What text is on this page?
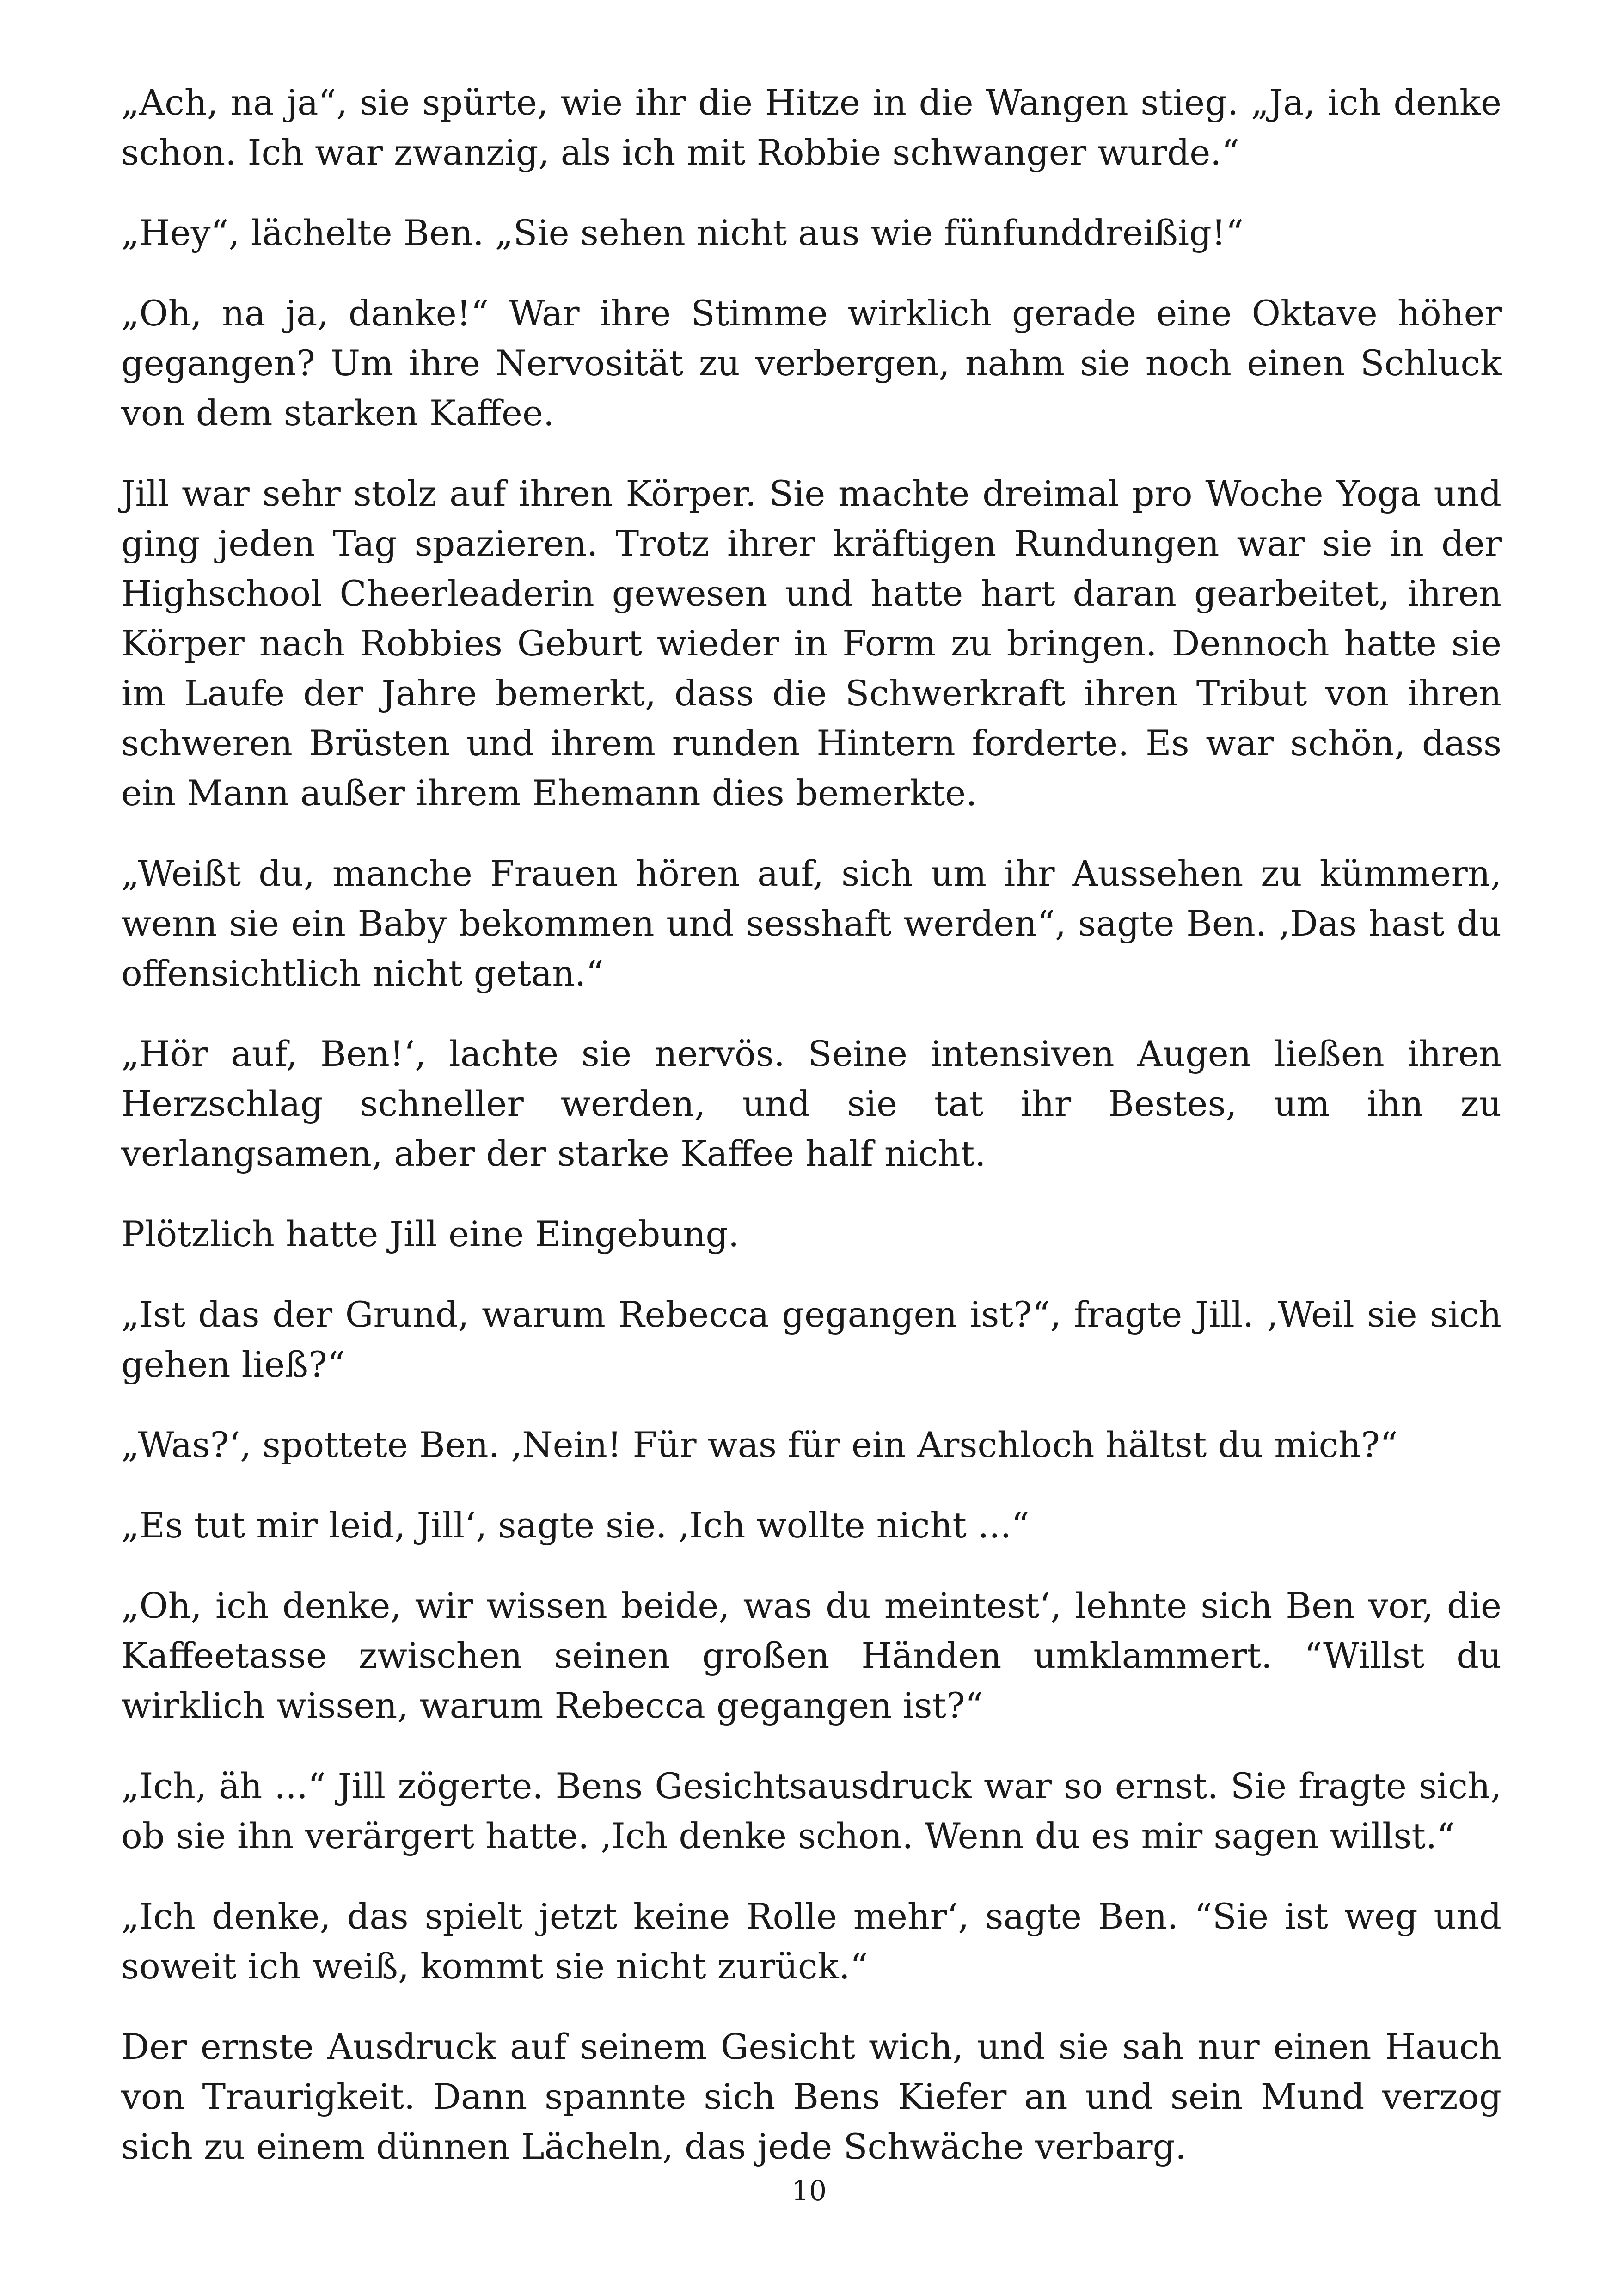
„Ach, na ja“, sie spürte, wie ihr die Hitze in die Wangen stieg. „Ja, ich denke schon. Ich war zwanzig, als ich mit Robbie schwanger wurde.“

„Hey“, lächelte Ben. „Sie sehen nicht aus wie fünfunddreißig!“

„Oh, na ja, danke!“ War ihre Stimme wirklich gerade eine Oktave höher gegangen? Um ihre Nervosität zu verbergen, nahm sie noch einen Schluck von dem starken Kaffee.

Jill war sehr stolz auf ihren Körper. Sie machte dreimal pro Woche Yoga und ging jeden Tag spazieren. Trotz ihrer kräftigen Rundungen war sie in der Highschool Cheerleaderin gewesen und hatte hart daran gearbeitet, ihren Körper nach Robbies Geburt wieder in Form zu bringen. Dennoch hatte sie im Laufe der Jahre bemerkt, dass die Schwerkraft ihren Tribut von ihren schweren Brüsten und ihrem runden Hintern forderte. Es war schön, dass ein Mann außer ihrem Ehemann dies bemerkte.

„Weißt du, manche Frauen hören auf, sich um ihr Aussehen zu kümmern, wenn sie ein Baby bekommen und sesshaft werden“, sagte Ben. ‚Das hast du offensichtlich nicht getan.“

„Hör auf, Ben!‘, lachte sie nervös. Seine intensiven Augen ließen ihren Herzschlag schneller werden, und sie tat ihr Bestes, um ihn zu verlangsamen, aber der starke Kaffee half nicht.

Plötzlich hatte Jill eine Eingebung.

„Ist das der Grund, warum Rebecca gegangen ist?“, fragte Jill. ‚Weil sie sich gehen ließ?“

„Was?‘, spottete Ben. ‚Nein! Für was für ein Arschloch hältst du mich?“

„Es tut mir leid, Jill‘, sagte sie. ‚Ich wollte nicht ...“

„Oh, ich denke, wir wissen beide, was du meintest‘, lehnte sich Ben vor, die Kaffeetasse zwischen seinen großen Händen umklammert. “Willst du wirklich wissen, warum Rebecca gegangen ist?“

„Ich, äh ...“ Jill zögerte. Bens Gesichtsausdruck war so ernst. Sie fragte sich, ob sie ihn verärgert hatte. ‚Ich denke schon. Wenn du es mir sagen willst.“

„Ich denke, das spielt jetzt keine Rolle mehr‘, sagte Ben. “Sie ist weg und soweit ich weiß, kommt sie nicht zurück.“

Der ernste Ausdruck auf seinem Gesicht wich, und sie sah nur einen Hauch von Traurigkeit. Dann spannte sich Bens Kiefer an und sein Mund verzog sich zu einem dünnen Lächeln, das jede Schwäche verbarg.

10
